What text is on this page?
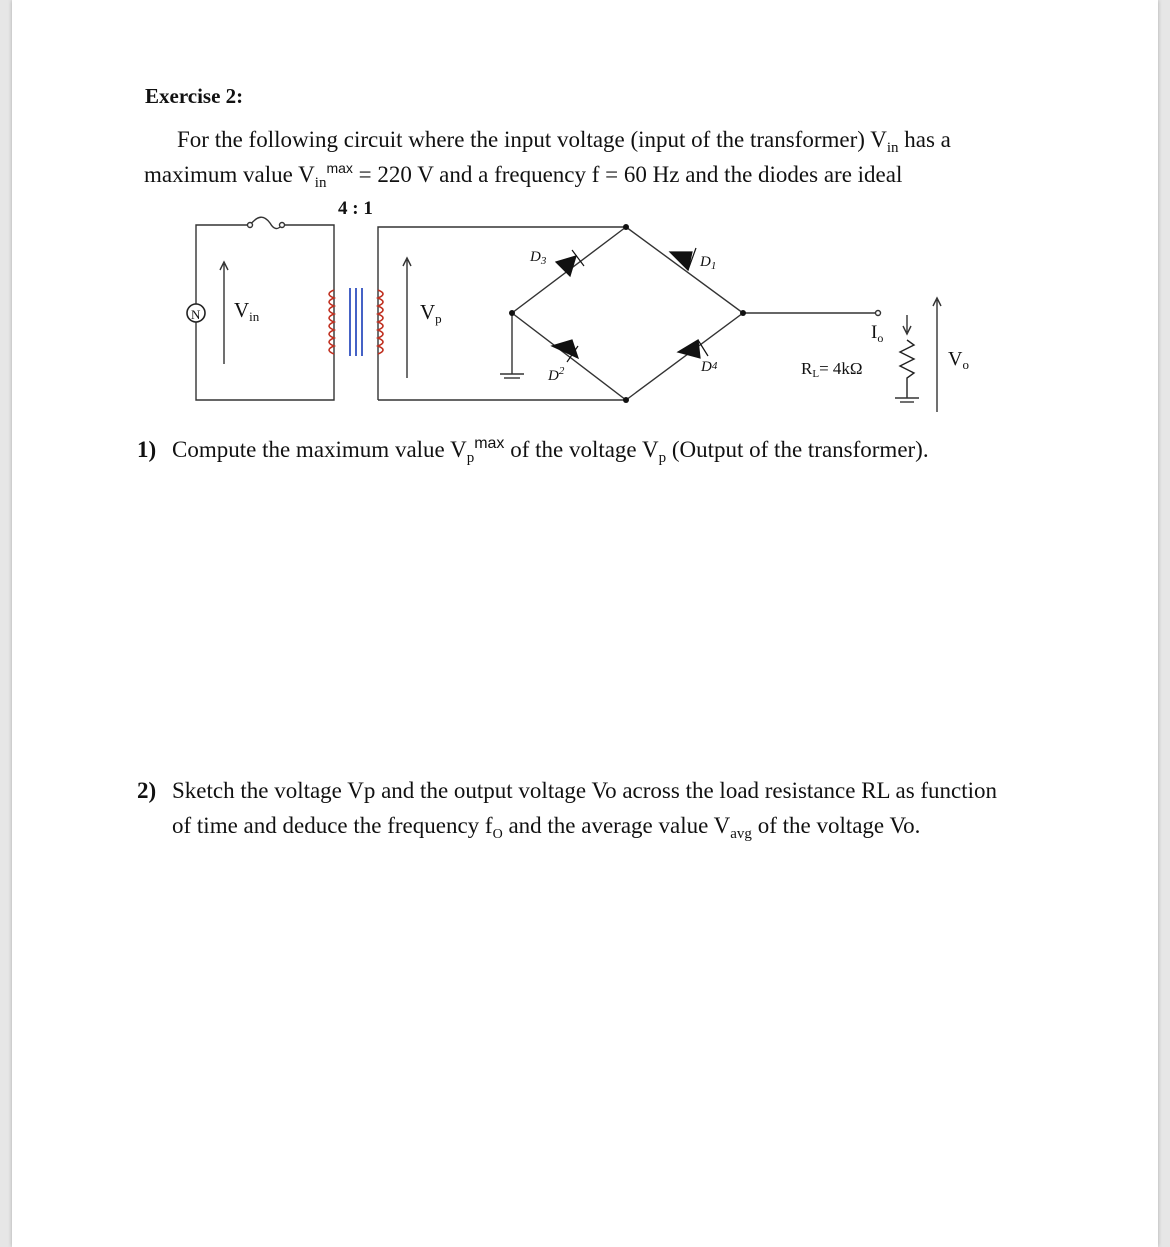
Exercise 2:
For the following circuit where the input voltage (input of the transformer) $V_{in}$ has a
maximum value $V_{in}^{max} = 220$ V and a frequency f = 60 Hz and the diodes are ideal
4 : 1
N Vin	Vp
$D_3$	$D_1$
$D^2$	D4
$I_o$
RL= 4kΩ	$V_o$
1) Compute the maximum value $V_p^{max}$ of the voltage $V_p$ (Output of the transformer).
2) Sketch the voltage Vp and the output voltage Vo across the load resistance RL as function
of time and deduce the frequency $f_O$ and the average value $V_{avg}$ of the voltage Vo.
